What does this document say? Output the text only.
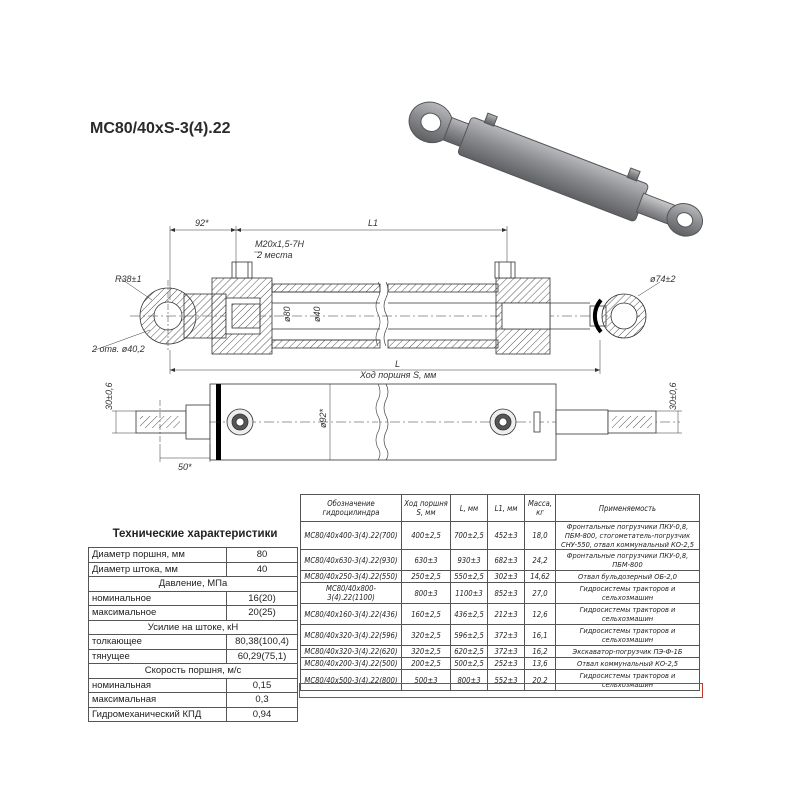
МС80/40хS-3(4).22
92*	L1
М20х1,5-7Н
2 места
R38±1
2 отв. ø40,2
ø74±2
ø80 ø40
L
Ход поршня S, мм
30±0,6	30±0,6
ø92*
50*
Технические характеристики
Диаметр поршня, мм	80
Диаметр штока, мм	40
Давление, МПа	
номинальное	16(20)
максимальное	20(25)
Усилие на штоке, кН	
толкающее	80,38(100,4)
тянущее	60,29(75,1)
Скорость поршня, м/с	
номинальная	0,15
максимальная	0,3
Гидромеханический КПД	0,94
Обозначение гидроцилиндра	Ход поршня S, мм	L, мм	L1, мм	Масса, кг	Применяемость
МС80/40х400-3(4).22(700)	400±2,5	700±2,5	452±3	18,0	Фронтальные погрузчики ПКУ-0,8, ПБМ-800, стогометатель-погрузчик СНУ-550, отвал коммунальный КО-2,5
МС80/40х630-3(4).22(930)	630±3	930±3	682±3	24,2	Фронтальные погрузчики ПКУ-0,8, ПБМ-800
МС80/40х250-3(4).22(550)	250±2,5	550±2,5	302±3	14,62	Отвал бульдозерный ОБ-2,0
МС80/40х800-3(4).22(1100)	800±3	1100±3	852±3	27,0	Гидросистемы тракторов и сельхозмашин
МС80/40х160-3(4).22(436)	160±2,5	436±2,5	212±3	12,6	Гидросистемы тракторов и сельхозмашин
МС80/40х320-3(4).22(596)	320±2,5	596±2,5	372±3	16,1	Гидросистемы тракторов и сельхозмашин
МС80/40х320-3(4).22(620)	320±2,5	620±2,5	372±3	16,2	Экскаватор-погрузчик ПЭ-Ф-1Б
МС80/40х200-3(4).22(500)	200±2,5	500±2,5	252±3	13,6	Отвал коммунальный КО-2,5
МС80/40х500-3(4).22(800)	500±3	800±3	552±3	20,2	Гидросистемы тракторов и сельхозмашин
